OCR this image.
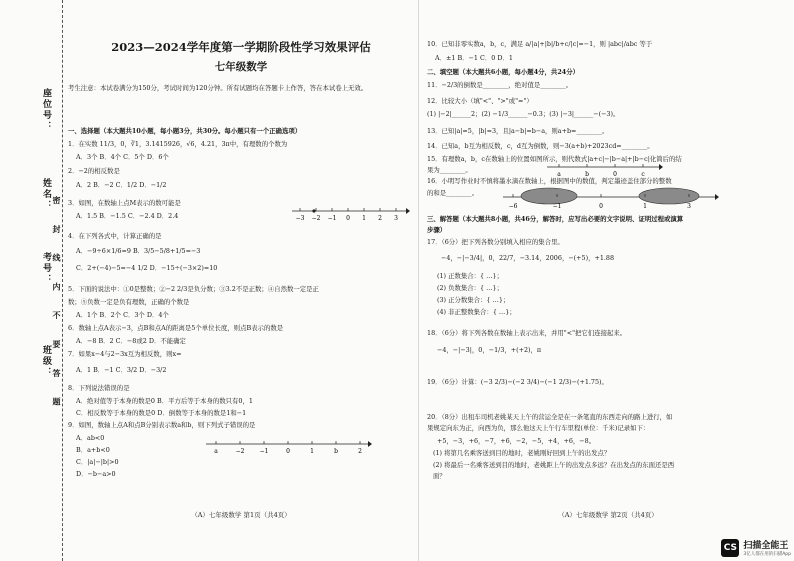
座位号：
考号：
姓名：
班级： 密 封 线 内 不 要 答 题
2023—2024学年度第一学期阶段性学习效果评估
七年级数学
考生注意：本试卷满分为150分，考试时间为120分钟。所有试题均在答题卡上作答，答在本试卷上无效。
一、选择题（本大题共10小题，每小题3分，共30分。每小题只有一个正确选项）
1．在实数 11/3，0，∛1，3.1415926，√6，4.21，3π中，有理数的个数为
A．3个 B．4个 C．5个 D．6个
2．−2的相反数是
A．2 B．−2 C．1/2 D．−1/2
3．如图，在数轴上点M表示的数可能是
A．1.5 B．−1.5 C．−2.4 D．2.4
4．在下列各式中，计算正确的是
A．−9÷6×1/6=9 B．3/5−5/8+1/5=−3
C．2+(−4)−5=−4 1/2 D．−15÷(−3×2)=10
5．下面的说法中：①0是整数；②−2 2/3是负分数；③3.2不是正数；④自然数一定是正
数；⑤负数一定是负有理数，正确的个数是
A．1个 B．2个 C．3个 D．4个
6．数轴上点A表示−3，点B和点A的距离是5个单位长度，则点B表示的数是
A．−8 B．2 C．−8或2 D．不能确定
7．如果x−4与2−3x互为相反数，则x=
A．1 B．−1 C．3/2 D．−3/2
8．下列说法错误的是
A．绝对值等于本身的数是0 B．平方后等于本身的数只有0，1
C．相反数等于本身的数是0 D．倒数等于本身的数是1和−1
9．如图，数轴上点A和点B分别表示数a和b，则下列式子错误的是
A．ab<0
B．a+b<0
C．|a|−|b|>0
D．−b−a>0
−3 −2 −1 0 1 2 3
a	−2	−1	0	1	b	2
（A）七年级数学 第1页（共4页）
10．已知非零实数a，b，c，满足 a/|a|+|b|/b+c/|c|=−1，则 |abc|/abc 等于
A．±1 B．−1 C．0 D．1
二、填空题（本大题共6小题，每小题4分，共24分）
11．−2/3的倒数是________，绝对值是________。
12．比较大小（填"<"、">"或"="）
(1) |−2|______2；(2) −1/3______−0.3；(3) |−3|______−(−3)。
13．已知|a|=5，|b|=3，且|a−b|=b−a，则a+b=________。
14．已知a，b互为相反数，c，d互为倒数，则−3(a+b)+2023cd=________。
15．有理数a，b，c在数轴上的位置如图所示，则代数式|a+c|−|b−a|+|b−c|化简后的结
果为________。
16．小明写作业时不慎将墨水滴在数轴上，根据图中的数值，判定墨迹盖住部分的整数
的和是________。
a	b	0	c
−6	−1	0	1	3
三、解答题（本大题共8小题，共46分，解答时，应写出必要的文字说明、证明过程或演算
步骤）
17．（6分）把下列各数分别填入相应的集合里。
−4，−|−3/4|，0，22/7，−3.14，2006，−(+5)，+1.88
(1) 正数集合：{ …}；
(2) 负数集合：{ …}；
(3) 正分数集合：{ …}；
(4) 非正整数集合：{ …}；
18．（6分）将下列各数在数轴上表示出来，并用"<"把它们连接起来。
−4，−|−3|，0，−1/3，+(+2)，π
19．（6分）计算：(−3 2/3)−(−2 3/4)−(−1 2/3)−(+1.75)。
20．（8分）出租车司机老姚某天上午的营运全是在一条笔直的东西走向的路上进行，如
果规定向东为正，向西为负，那么他这天上午行车里程(单位：千米)记录如下：
+5，−3，+6，−7，+6，−2，−5，+4，+6，−8。
(1) 将第几名乘客送到目的地时，老姚刚好回到上午的出发点？
(2) 将最后一名乘客送到目的地时，老姚距上午的出发点多远？在出发点的东面还是西
面？
（A）七年级数学 第2页（共4页）
CS 扫描全能王
3亿人都在用的扫描App
